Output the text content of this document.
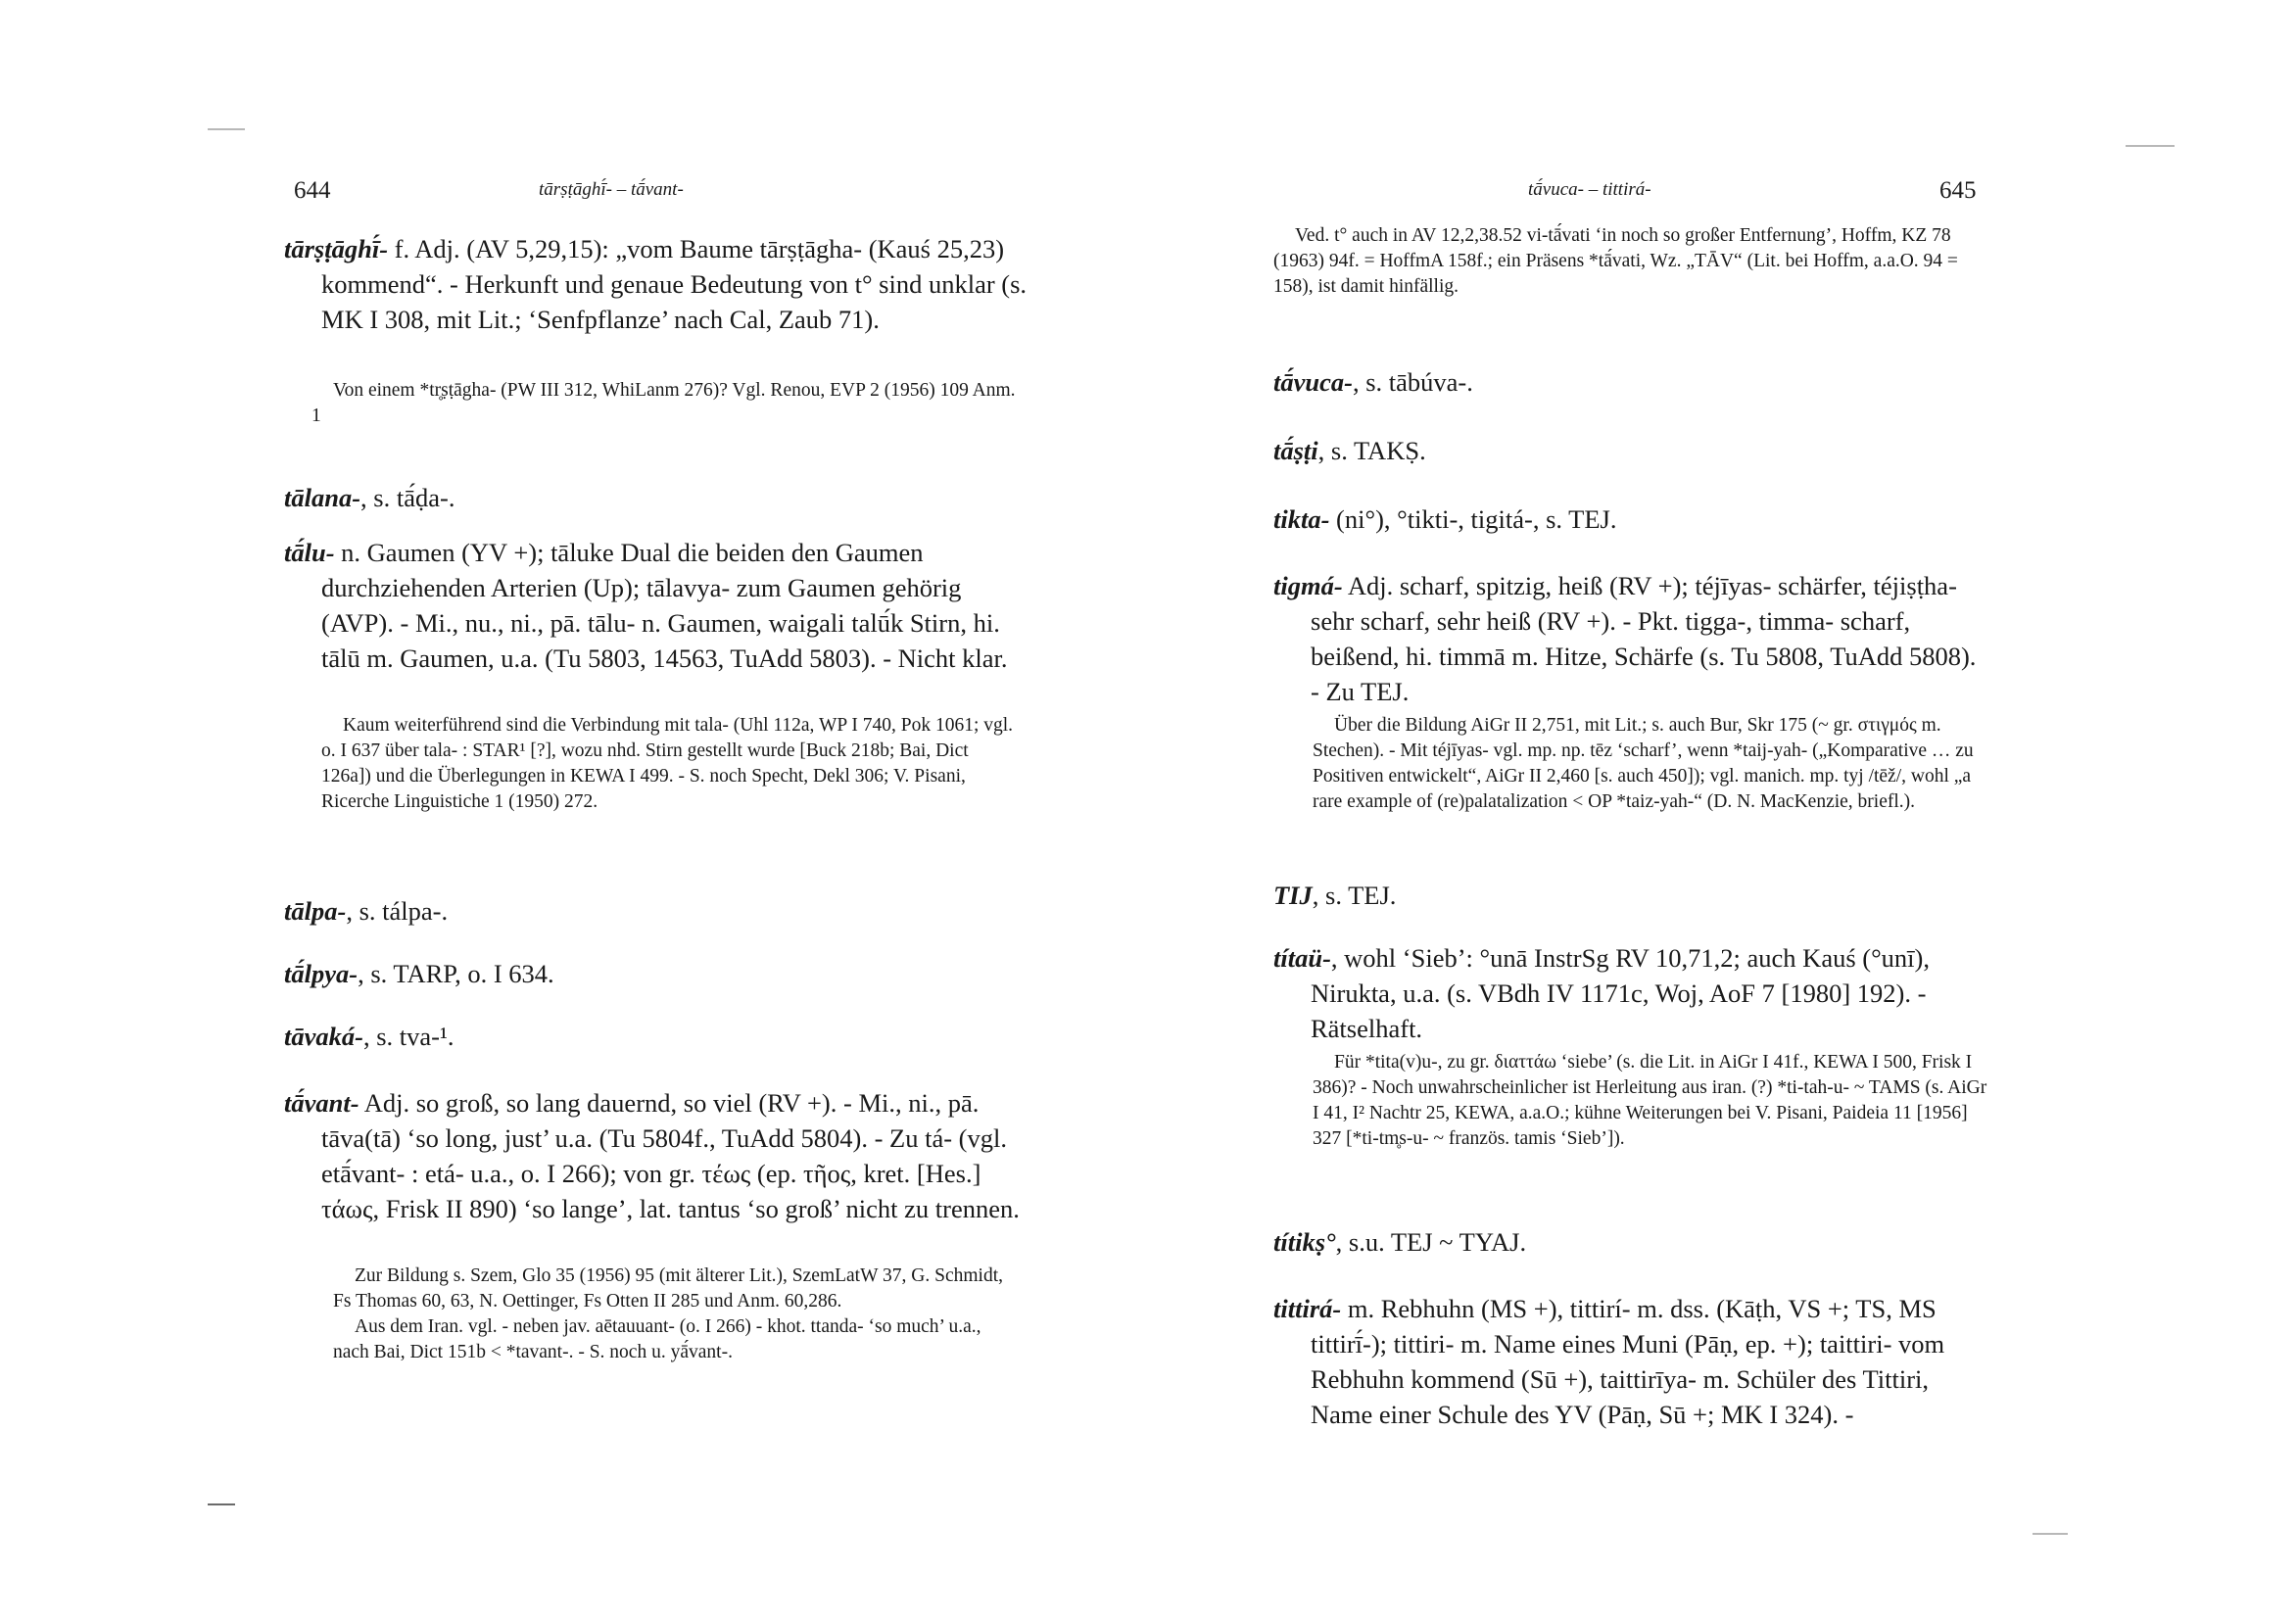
644	tārṣṭāghī́- – tā́vant-

tārṣṭāghī́- f. Adj. (AV 5,29,15): „vom Baume tārṣṭāgha- (Kauś 25,23) kommend“. - Herkunft und genaue Bedeutung von t° sind unklar (s. MK I 308, mit Lit.; ‘Senfpflanze’ nach Cal, Zaub 71).

Von einem *tr̥ṣṭāgha- (PW III 312, WhiLanm 276)? Vgl. Renou, EVP 2 (1956) 109 Anm. 1

tālana-, s. tā́ḍa-.

tā́lu- n. Gaumen (YV +); tāluke Dual die beiden den Gaumen durchziehenden Arterien (Up); tālavya- zum Gaumen gehörig (AVP). - Mi., nu., ni., pā. tālu- n. Gaumen, waigali talū́k Stirn, hi. tālū m. Gaumen, u.a. (Tu 5803, 14563, TuAdd 5803). - Nicht klar.

Kaum weiterführend sind die Verbindung mit tala- (Uhl 112a, WP I 740, Pok 1061; vgl. o. I 637 über tala- : STAR¹ [?], wozu nhd. Stirn gestellt wurde [Buck 218b; Bai, Dict 126a]) und die Überlegungen in KEWA I 499. - S. noch Specht, Dekl 306; V. Pisani, Ricerche Linguistiche 1 (1950) 272.

tālpa-, s. tálpa-.

tā́lpya-, s. TARP, o. I 634.

tāvaká-, s. tva-¹.

tā́vant- Adj. so groß, so lang dauernd, so viel (RV +). - Mi., ni., pā. tāva(tā) ‘so long, just’ u.a. (Tu 5804f., TuAdd 5804). - Zu tá- (vgl. etā́vant- : etá- u.a., o. I 266); von gr. τέως (ep. τῆος, kret. [Hes.] τάως, Frisk II 890) ‘so lange’, lat. tantus ‘so groß’ nicht zu trennen.

Zur Bildung s. Szem, Glo 35 (1956) 95 (mit älterer Lit.), SzemLatW 37, G. Schmidt, Fs Thomas 60, 63, N. Oettinger, Fs Otten II 285 und Anm. 60,286.

Aus dem Iran. vgl. - neben jav. aētauuant- (o. I 266) - khot. ttanda- ‘so much’ u.a., nach Bai, Dict 151b < *tavant-. - S. noch u. yā́vant-.

tā́vuca- – tittirá-	645

Ved. t° auch in AV 12,2,38.52 vi-tā́vati ‘in noch so großer Entfernung’, Hoffm, KZ 78 (1963) 94f. = HoffmA 158f.; ein Präsens *tā́vati, Wz. „TĀV“ (Lit. bei Hoffm, a.a.O. 94 = 158), ist damit hinfällig.

tā́vuca-, s. tābúva-.

tā́ṣṭi, s. TAKṢ.

tikta- (ni°), °tikti-, tigitá-, s. TEJ.

tigmá- Adj. scharf, spitzig, heiß (RV +); téjīyas- schärfer, téjiṣṭha- sehr scharf, sehr heiß (RV +). - Pkt. tigga-, timma- scharf, beißend, hi. timmā m. Hitze, Schärfe (s. Tu 5808, TuAdd 5808). - Zu TEJ.

Über die Bildung AiGr II 2,751, mit Lit.; s. auch Bur, Skr 175 (~ gr. στιγμός m. Stechen). - Mit téjīyas- vgl. mp. np. tēz ‘scharf’, wenn *taij-yah- („Komparative … zu Positiven entwickelt“, AiGr II 2,460 [s. auch 450]); vgl. manich. mp. tyj /tēž/, wohl „a rare example of (re)palatalization < OP *taiz-yah-“ (D. N. MacKenzie, briefl.).

TIJ, s. TEJ.

títaü-, wohl ‘Sieb’: °unā InstrSg RV 10,71,2; auch Kauś (°unī), Nirukta, u.a. (s. VBdh IV 1171c, Woj, AoF 7 [1980] 192). - Rätselhaft.

Für *tita(v)u-, zu gr. διαττάω ‘siebe’ (s. die Lit. in AiGr I 41f., KEWA I 500, Frisk I 386)? - Noch unwahrscheinlicher ist Herleitung aus iran. (?) *ti-tah-u- ~ TAMS (s. AiGr I 41, I² Nachtr 25, KEWA, a.a.O.; kühne Weiterungen bei V. Pisani, Paideia 11 [1956] 327 [*ti-tm̥s-u- ~ französ. tamis ‘Sieb’]).

títikṣ°, s.u. TEJ ~ TYAJ.

tittirá- m. Rebhuhn (MS +), tittirí- m. dss. (Kāṭh, VS +; TS, MS tittirī́-); tittiri- m. Name eines Muni (Pāṇ, ep. +); taittiri- vom Rebhuhn kommend (Sū +), taittirīya- m. Schüler des Tittiri, Name einer Schule des YV (Pāṇ, Sū +; MK I 324). -
